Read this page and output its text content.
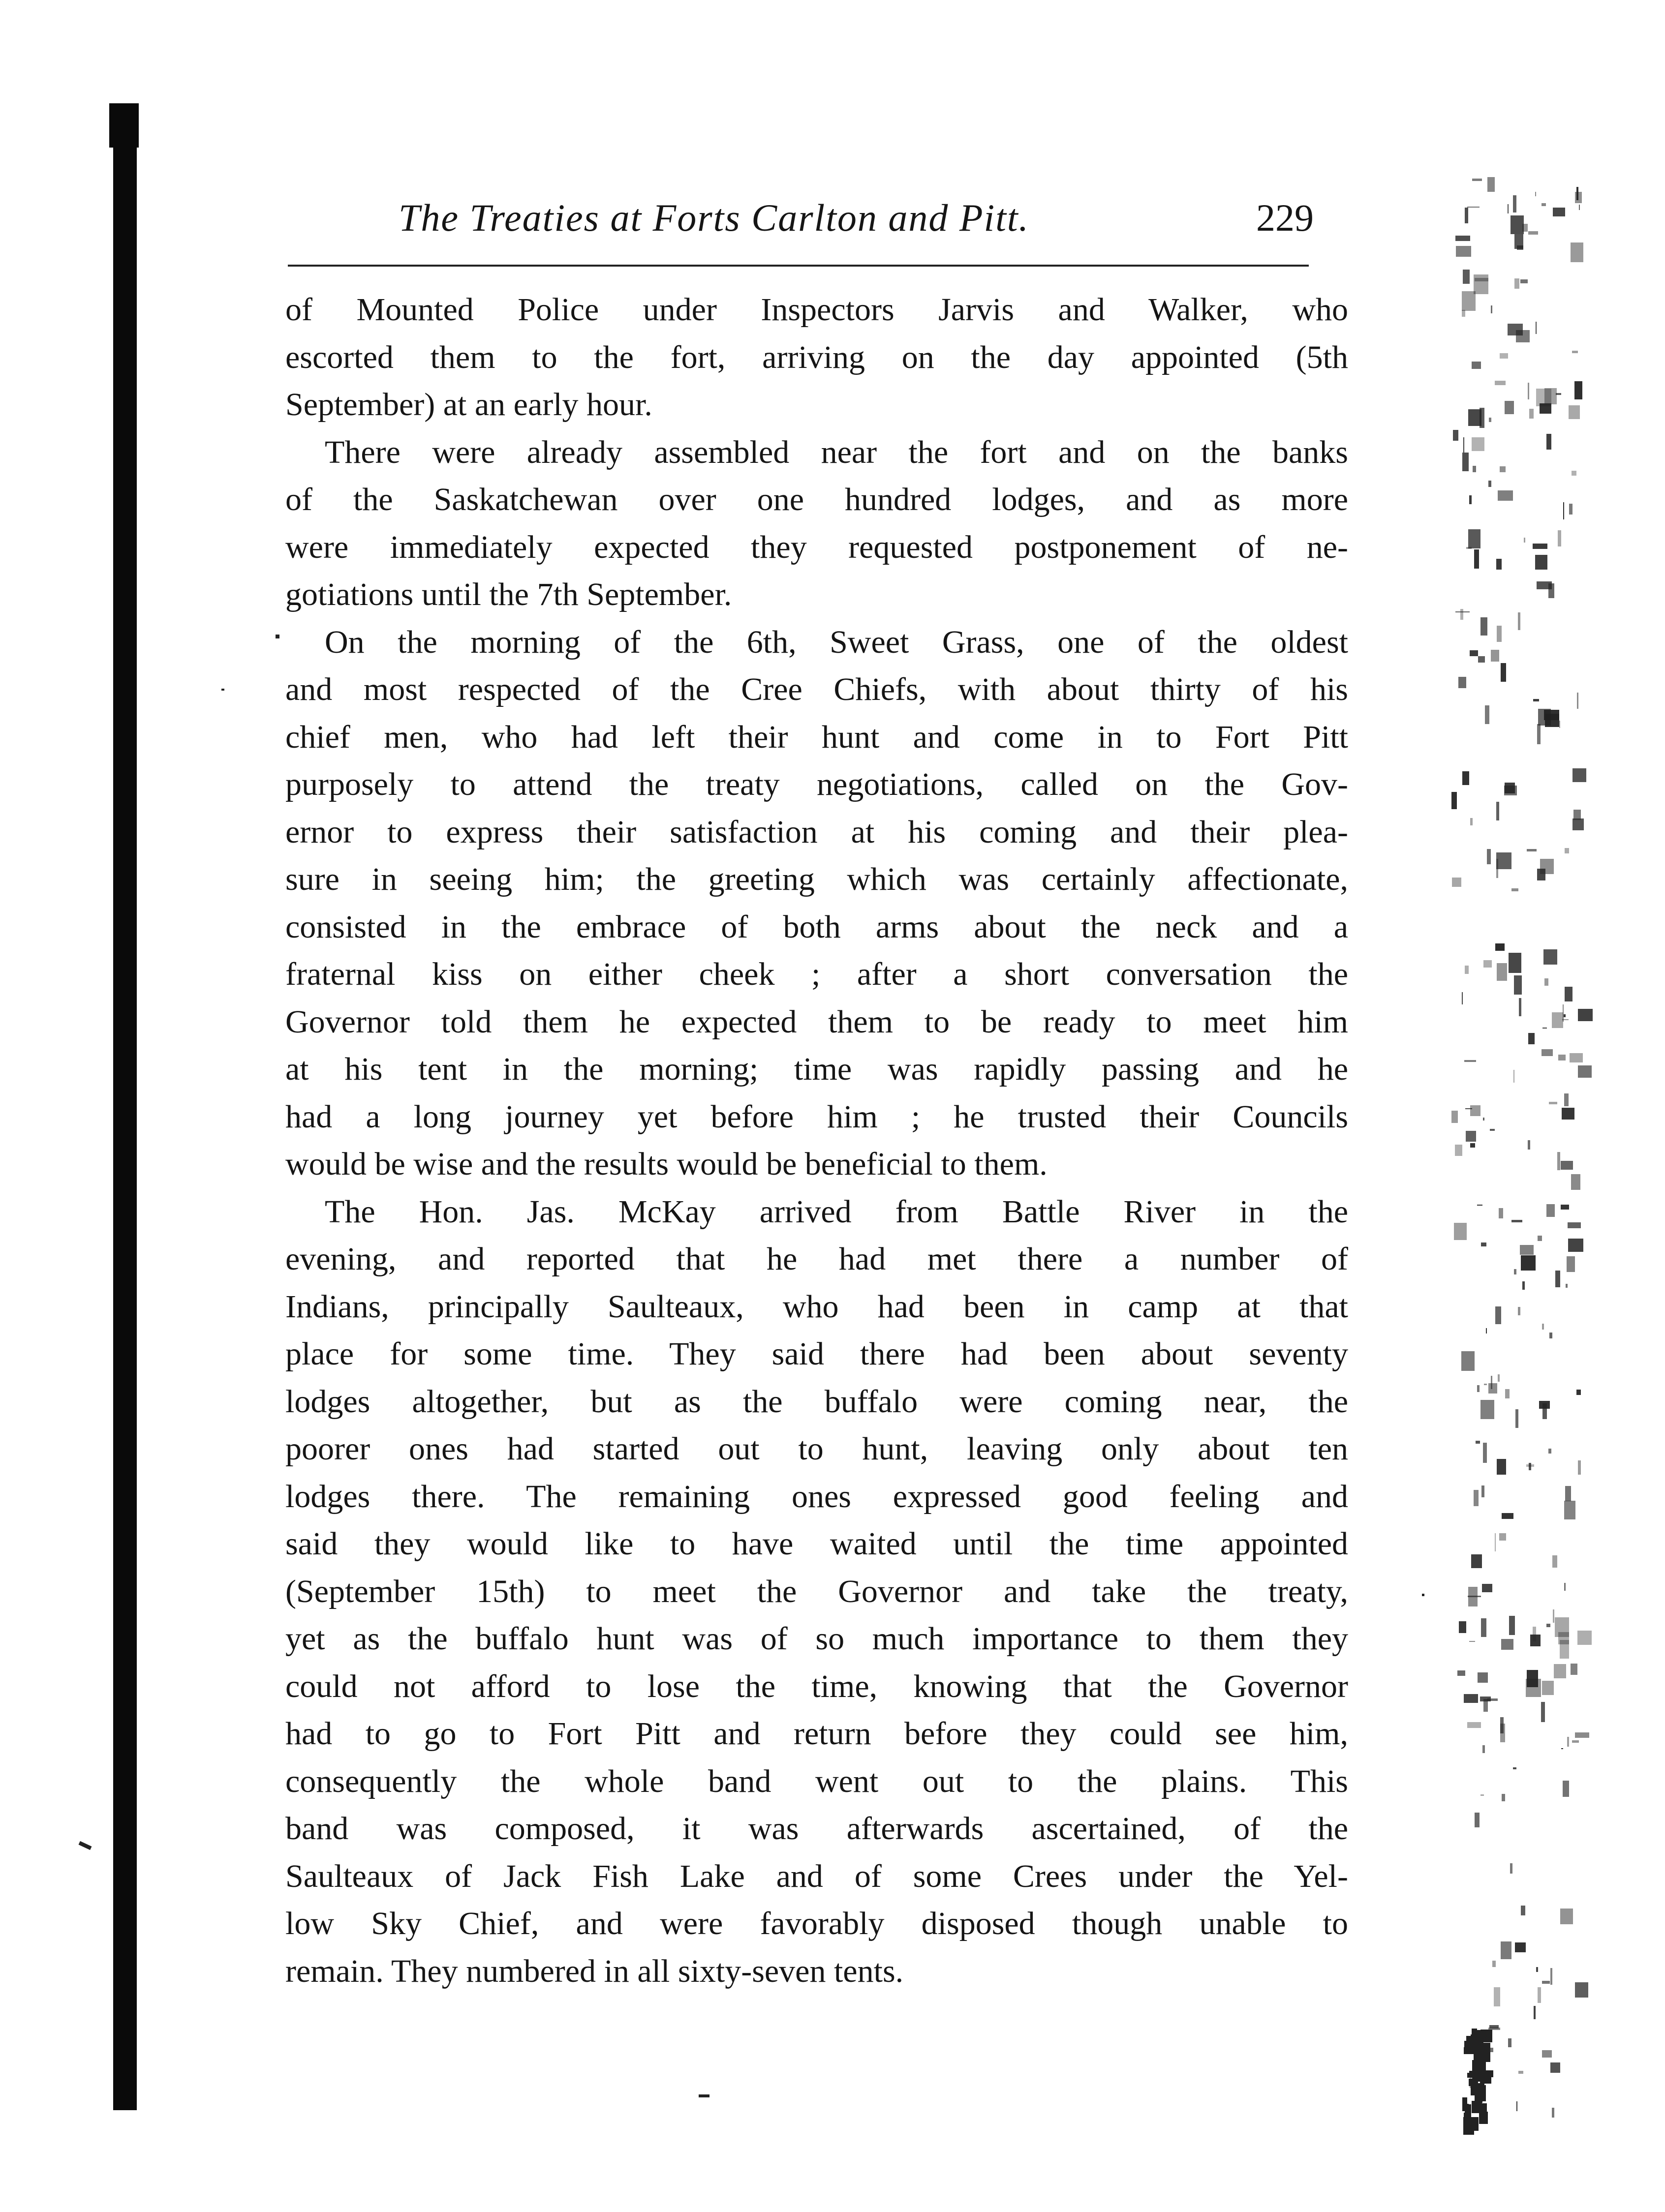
The Treaties at Forts Carlton and Pitt.	229

of Mounted Police under Inspectors Jarvis and Walker, who
escorted them to the fort, arriving on the day appointed (5th
September) at an early hour.

There were already assembled near the fort and on the banks
of the Saskatchewan over one hundred lodges, and as more
were immediately expected they requested postponement of ne-
gotiations until the 7th September.

On the morning of the 6th, Sweet Grass, one of the oldest
and most respected of the Cree Chiefs, with about thirty of his
chief men, who had left their hunt and come in to Fort Pitt
purposely to attend the treaty negotiations, called on the Gov-
ernor to express their satisfaction at his coming and their plea-
sure in seeing him; the greeting which was certainly affectionate,
consisted in the embrace of both arms about the neck and a
fraternal kiss on either cheek ; after a short conversation the
Governor told them he expected them to be ready to meet him
at his tent in the morning; time was rapidly passing and he
had a long journey yet before him ; he trusted their Councils
would be wise and the results would be beneficial to them.

The Hon. Jas. McKay arrived from Battle River in the
evening, and reported that he had met there a number of
Indians, principally Saulteaux, who had been in camp at that
place for some time. They said there had been about seventy
lodges altogether, but as the buffalo were coming near, the
poorer ones had started out to hunt, leaving only about ten
lodges there. The remaining ones expressed good feeling and
said they would like to have waited until the time appointed
(September 15th) to meet the Governor and take the treaty,
yet as the buffalo hunt was of so much importance to them they
could not afford to lose the time, knowing that the Governor
had to go to Fort Pitt and return before they could see him,
consequently the whole band went out to the plains. This
band was composed, it was afterwards ascertained, of the
Saulteaux of Jack Fish Lake and of some Crees under the Yel-
low Sky Chief, and were favorably disposed though unable to
remain. They numbered in all sixty-seven tents.
